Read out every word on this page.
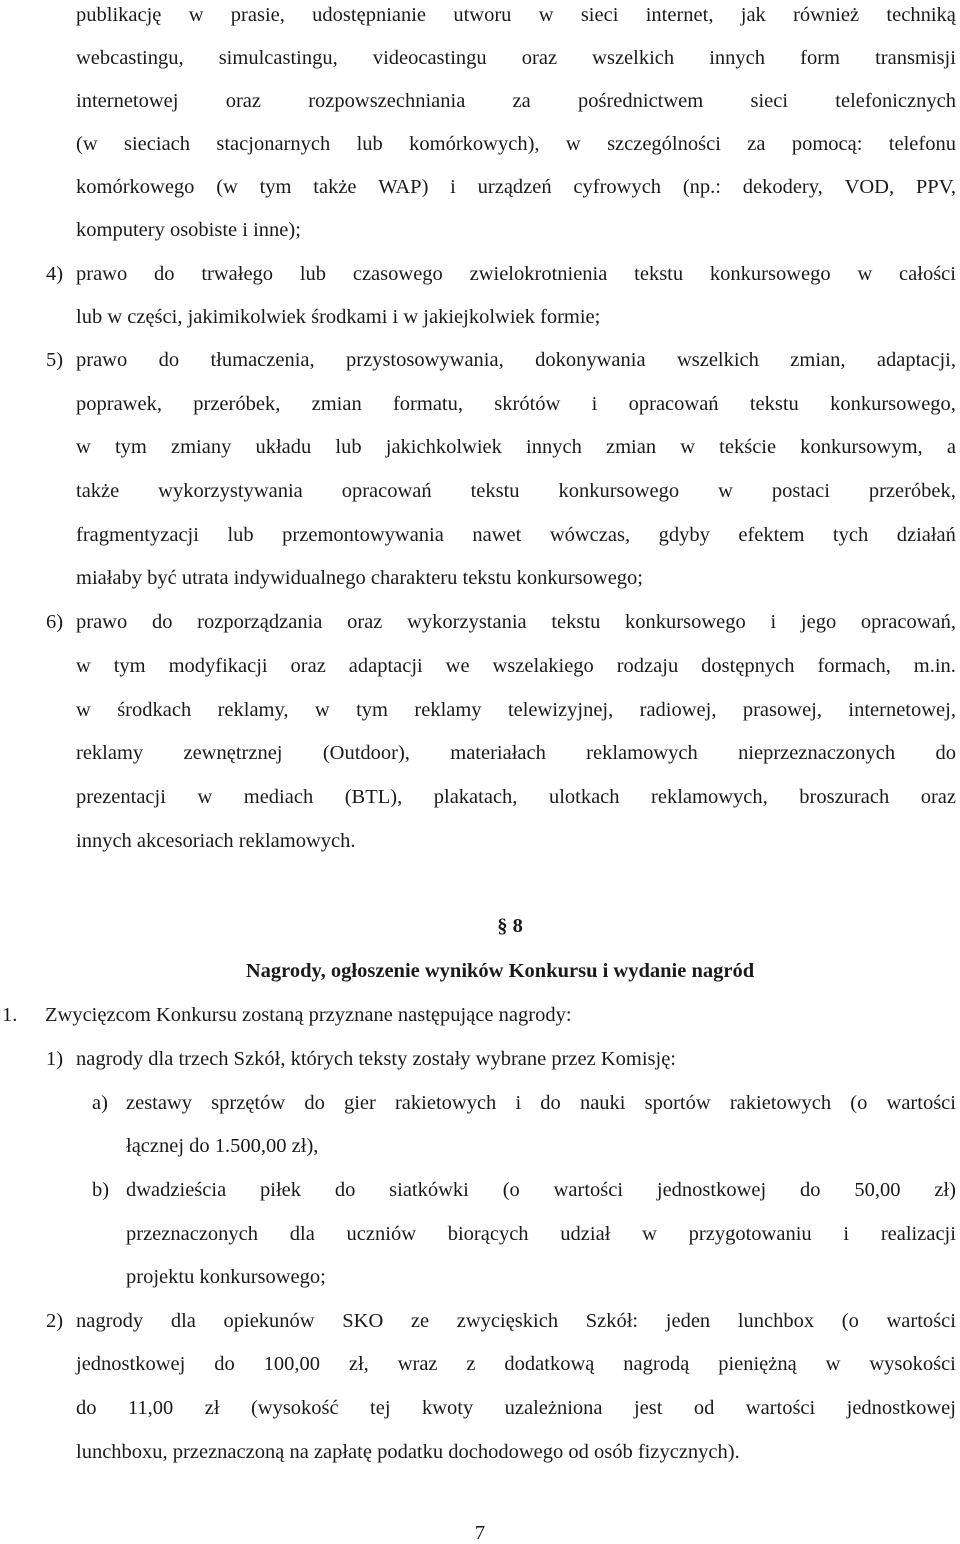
publikację w prasie, udostępnianie utworu w sieci internet, jak również techniką
webcastingu, simulcastingu, videocastingu oraz wszelkich innych form transmisji
internetowej oraz rozpowszechniania za pośrednictwem sieci telefonicznych
(w sieciach stacjonarnych lub komórkowych), w szczególności za pomocą: telefonu
komórkowego (w tym także WAP) i urządzeń cyfrowych (np.: dekodery, VOD, PPV,
komputery osobiste i inne);
4) prawo do trwałego lub czasowego zwielokrotnienia tekstu konkursowego w całości
lub w części, jakimikolwiek środkami i w jakiejkolwiek formie;
5) prawo do tłumaczenia, przystosowywania, dokonywania wszelkich zmian, adaptacji,
poprawek, przeróbek, zmian formatu, skrótów i opracowań tekstu konkursowego,
w tym zmiany układu lub jakichkolwiek innych zmian w tekście konkursowym, a
także wykorzystywania opracowań tekstu konkursowego w postaci przeróbek,
fragmentyzacji lub przemontowywania nawet wówczas, gdyby efektem tych działań
miałaby być utrata indywidualnego charakteru tekstu konkursowego;
6) prawo do rozporządzania oraz wykorzystania tekstu konkursowego i jego opracowań,
w tym modyfikacji oraz adaptacji we wszelakiego rodzaju dostępnych formach, m.in.
w środkach reklamy, w tym reklamy telewizyjnej, radiowej, prasowej, internetowej,
reklamy zewnętrznej (Outdoor), materiałach reklamowych nieprzeznaczonych do
prezentacji w mediach (BTL), plakatach, ulotkach reklamowych, broszurach oraz
innych akcesoriach reklamowych.
§ 8
Nagrody, ogłoszenie wyników Konkursu i wydanie nagród
1. Zwycięzcom Konkursu zostaną przyznane następujące nagrody:
1) nagrody dla trzech Szkół, których teksty zostały wybrane przez Komisję:
a) zestawy sprzętów do gier rakietowych i do nauki sportów rakietowych (o wartości
łącznej do 1.500,00 zł),
b) dwadzieścia piłek do siatkówki (o wartości jednostkowej do 50,00 zł)
przeznaczonych dla uczniów biorących udział w przygotowaniu i realizacji
projektu konkursowego;
2) nagrody dla opiekunów SKO ze zwycięskich Szkół: jeden lunchbox (o wartości
jednostkowej do 100,00 zł, wraz z dodatkową nagrodą pieniężną w wysokości
do 11,00 zł (wysokość tej kwoty uzależniona jest od wartości jednostkowej
lunchboxu, przeznaczoną na zapłatę podatku dochodowego od osób fizycznych).
7
